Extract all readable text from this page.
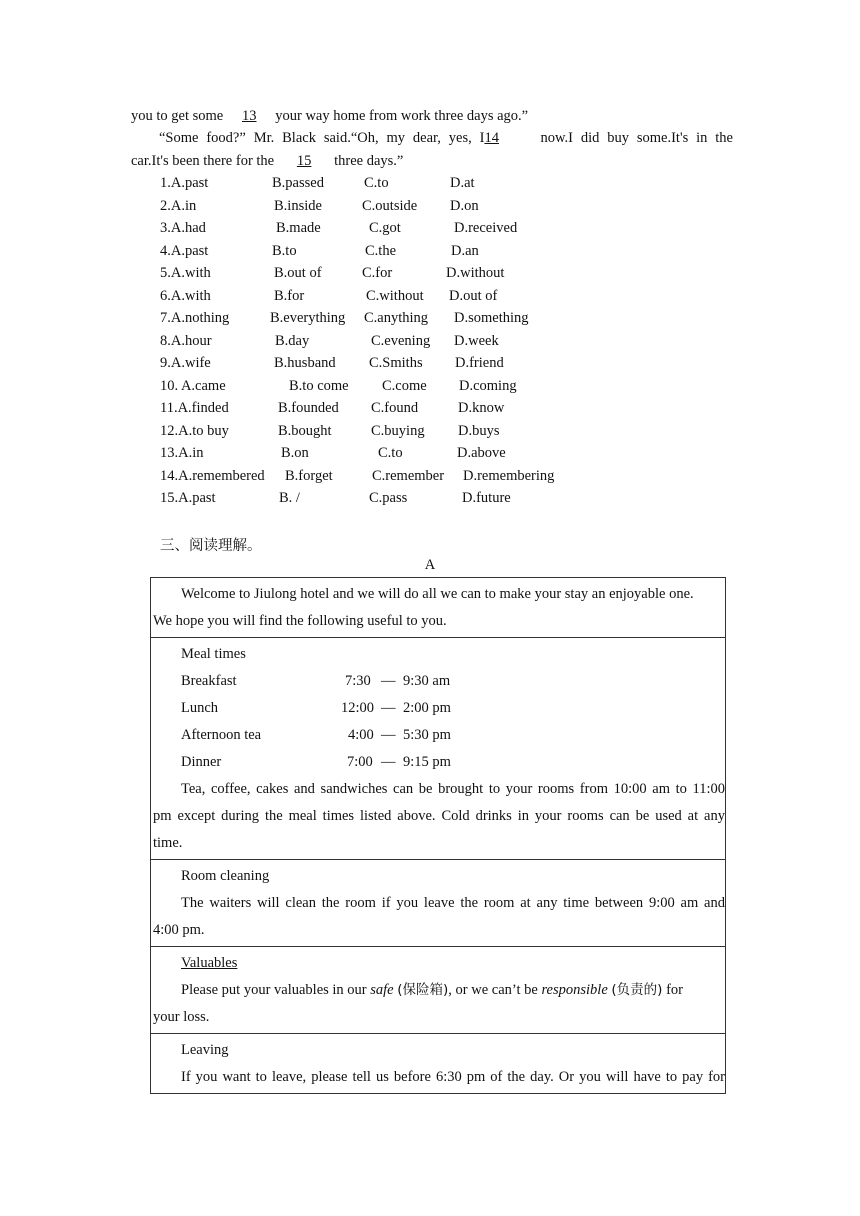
you to get some 13 your way home from work three days ago.”
“Some food?” Mr. Black said.“Oh, my dear, yes, I14	now.I did buy some.It's in the
car.It's been there for the 15 three days.”
1.A.past	B.passed	C.to	D.at
2.A.in	B.inside	C.outside D.on
3.A.had	B.made	C.got	D.received
4.A.past	B.to	C.the	D.an
5.A.with	B.out of	C.for	D.without
6.A.with	B.for	C.without D.out of
7.A.nothing	B.everything C.anything D.something
8.A.hour	B.day	C.evening D.week
9.A.wife	B.husband C.Smiths D.friend
10. A.came	B.to come C.come D.coming
11.A.finded	B.founded C.found	D.know
12.A.to buy	B.bought	C.buying D.buys
13.A.in	B.on	C.to	D.above
14.A.remembered B.forget	C.remember D.remembering
15.A.past	B. /	C.pass	D.future
三、阅读理解。
A
Welcome to Jiulong hotel and we will do all we can to make your stay an enjoyable one.
We hope you will find the following useful to you.

Meal times
Breakfast	7:30 — 9:30 am
Lunch	12:00 — 2:00 pm
Afternoon tea	4:00 — 5:30 pm
Dinner	7:00 — 9:15 pm
Tea, coffee, cakes and sandwiches can be brought to your rooms from 10:00 am to 11:00
pm except during the meal times listed above. Cold drinks in your rooms can be used at any
time.

Room cleaning
The waiters will clean the room if you leave the room at any time between 9:00 am and
4:00 pm.

Valuables
Please put your valuables in our safe (保险箱), or we can’t be responsible (负责的) for
your loss.

Leaving
If you want to leave, please tell us before 6:30 pm of the day. Or you will have to pay for
